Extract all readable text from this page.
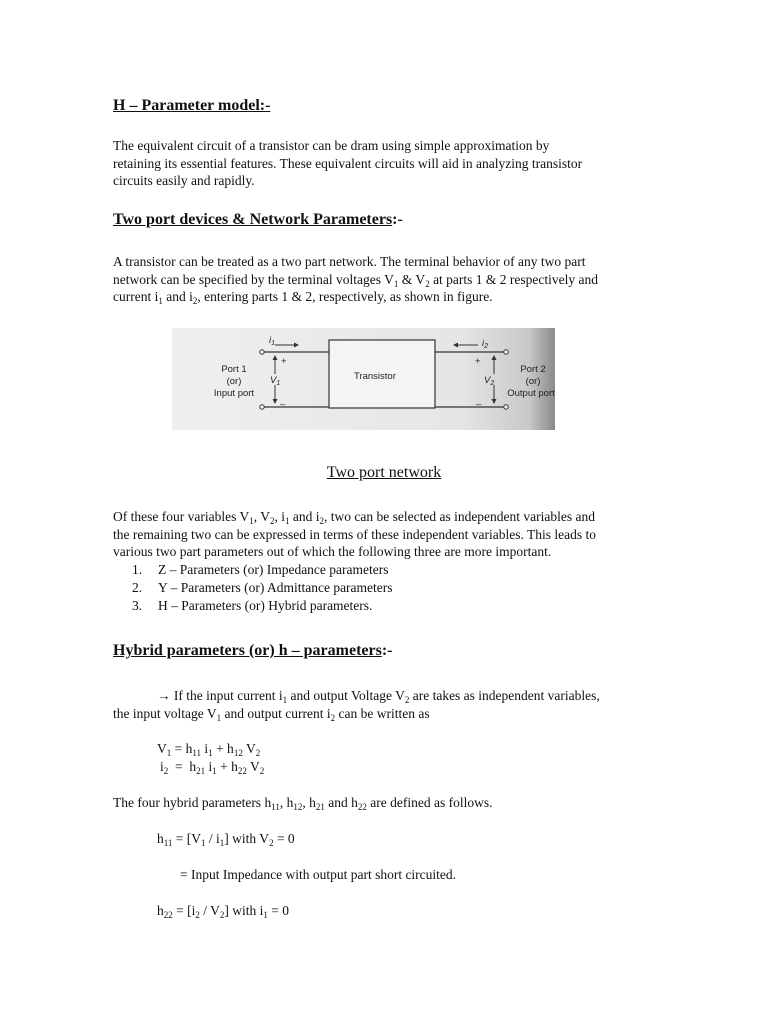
H – Parameter model:-
The equivalent circuit of a transistor can be dram using simple approximation by
retaining its essential features. These equivalent circuits will aid in analyzing transistor
circuits easily and rapidly.
Two port devices & Network Parameters:-
A transistor can be treated as a two part network. The terminal behavior of any two part
network can be specified by the terminal voltages $V_1$ & $V_2$ at parts 1 & 2 respectively and
current $i_1$ and $i_2$, entering parts 1 & 2, respectively, as shown in figure.
Transistor
$i_1$	$i_2$
+
–
$V_1$
+
–
$V_2$
Port 1
(or)
Input port
Port 2
(or)
Output port
Two port network
Of these four variables $V_1$, $V_2$, $i_1$ and $i_2$, two can be selected as independent variables and
the remaining two can be expressed in terms of these independent variables. This leads to
various two part parameters out of which the following three are more important.
1. Z – Parameters (or) Impedance parameters
2. Y – Parameters (or) Admittance parameters
3. H – Parameters (or) Hybrid parameters.
Hybrid parameters (or) h – parameters:-
→ If the input current $i_1$ and output Voltage $V_2$ are takes as independent variables,
the input voltage $V_1$ and output current $i_2$ can be written as
$V_1 = h_{11}$ $i_1 + h_{12}$ $V_2$
$i_2 = h_{21}$ $i_1 + h_{22}$ $V_2$
The four hybrid parameters $h_{11}$, $h_{12}$, $h_{21}$ and $h_{22}$ are defined as follows.
$h_{11} = [V_1 / i_1]$ with $V_2 = 0$
= Input Impedance with output part short circuited.
$h_{22} = [i_2 / V_2]$ with $i_1 = 0$
